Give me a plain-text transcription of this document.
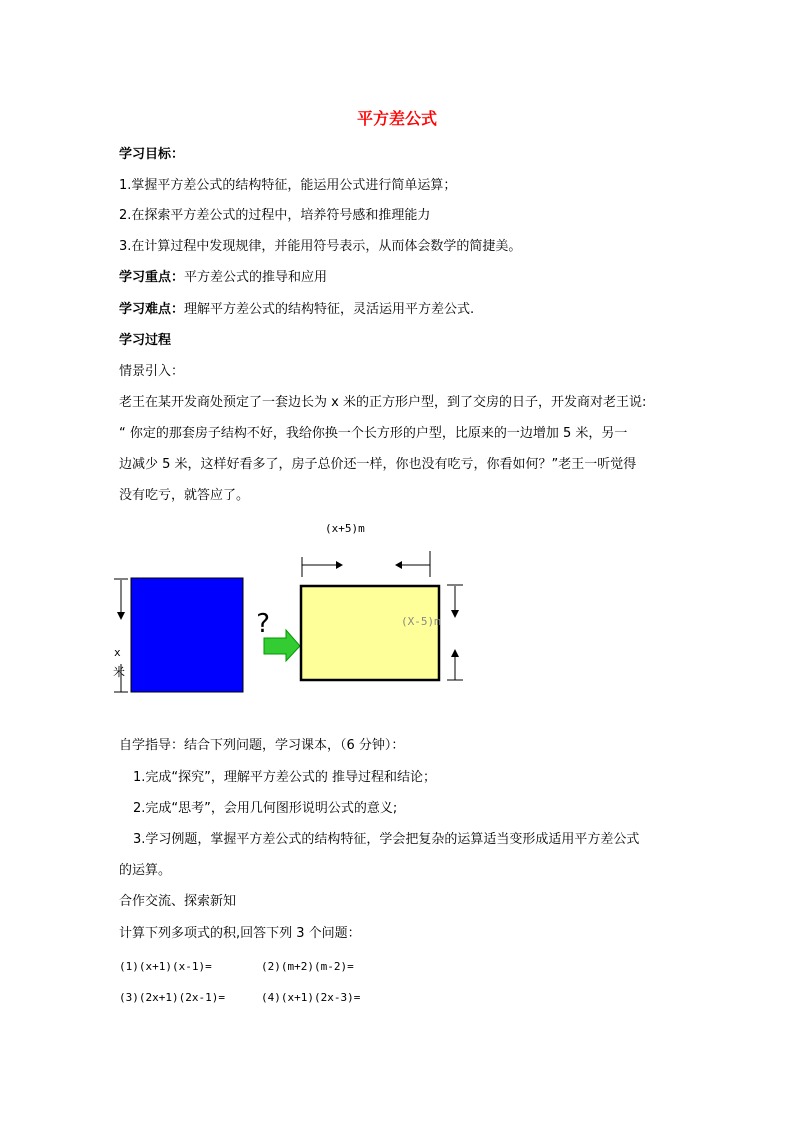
平方差公式
学习目标：
1.掌握平方差公式的结构特征，能运用公式进行简单运算；
2.在探索平方差公式的过程中，培养符号感和推理能力
3.在计算过程中发现规律，并能用符号表示，从而体会数学的简捷美。
学习重点：平方差公式的推导和应用
学习难点：理解平方差公式的结构特征，灵活运用平方差公式.
学习过程
情景引入：
老王在某开发商处预定了一套边长为 x 米的正方形户型，到了交房的日子，开发商对老王说:
“ 你定的那套房子结构不好，我给你换一个长方形的户型，比原来的一边增加 5 米，另一
边减少 5 米，这样好看多了，房子总价还一样，你也没有吃亏，你看如何？”老王一听觉得
没有吃亏，就答应了。
(x+5)m
x
米
?	(X-5)m
自学指导：结合下列问题，学习课本，（6 分钟）：
1.完成“探究”，理解平方差公式的 推导过程和结论；
2.完成“思考”，会用几何图形说明公式的意义;
3.学习例题，掌握平方差公式的结构特征，学会把复杂的运算适当变形成适用平方差公式
的运算。
合作交流、探索新知
计算下列多项式的积,回答下列 3 个问题：
(1)(x+1)(x-1)=	(2)(m+2)(m-2)=
(3)(2x+1)(2x-1)=	(4)(x+1)(2x-3)=
